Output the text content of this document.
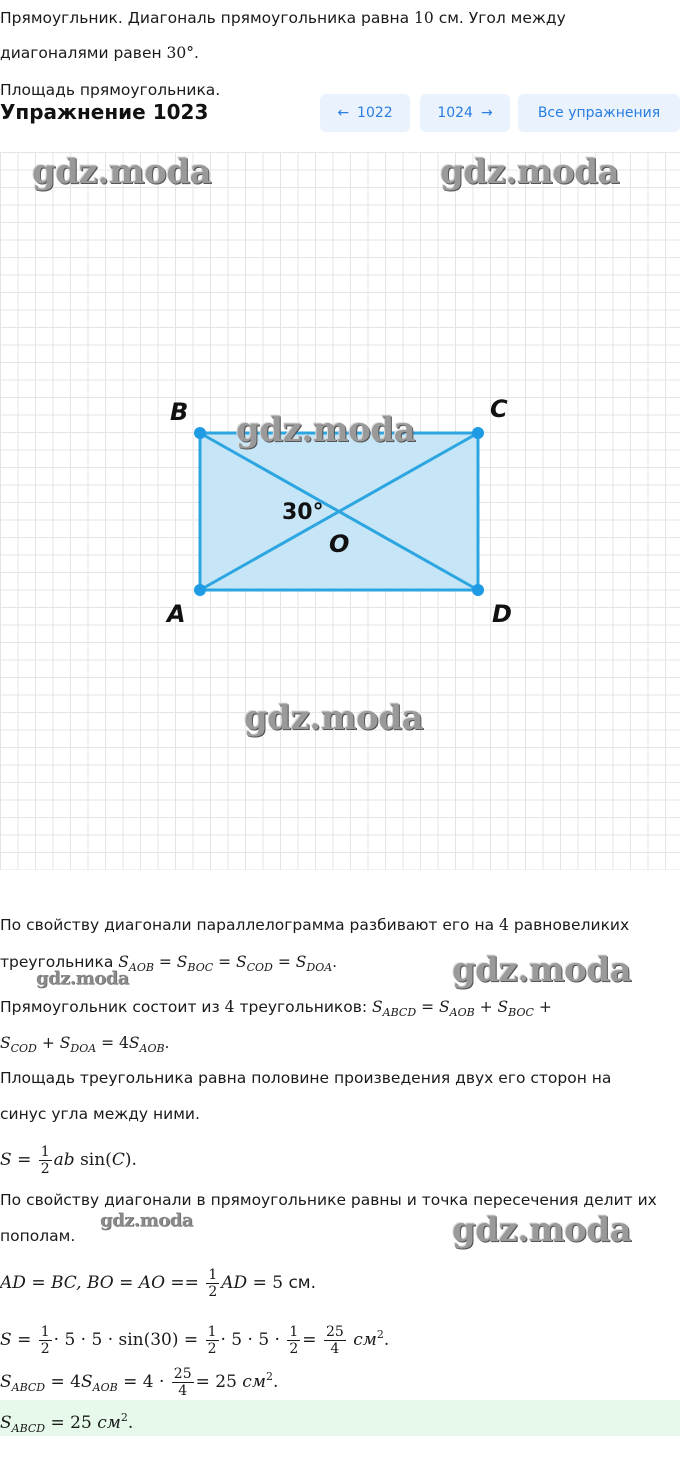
Прямоугльник. Диагональ прямоугольника равна 10 см. Угол между
диагоналями равен 30°.
Площадь прямоугольника.
Упражнение 1023	← 1022	1024 →	Все упражнения
B	C
A	D
O
30°
gdz.moda	gdz.moda
gdz.moda
gdz.moda
По свойству диагонали параллелограмма разбивают его на 4 равновеликих
треугольника $S_{AOB} = S_{BOC} = S_{COD} = S_{DOA}$.
gdz.moda	gdz.moda
Прямоугольник состоит из 4 треугольников: $S_{ABCD} = S_{AOB} + S_{BOC}$ +
$S_{COD} + S_{DOA} = 4S_{AOB}$.
Площадь треугольника равна половине произведения двух его сторон на
синус угла между ними.
$S = \frac{1}{2}$ ab sin(C).
По свойству диагонали в прямоугольнике равны и точка пересечения делит их
пополам.
gdz.moda	gdz.moda
AD = BC, BO = AO == $\frac{1}{2}$ AD = 5 см.
$S = \frac{1}{2} \cdot 5 \cdot 5 \cdot \sin(30) = \frac{1}{2} \cdot 5 \cdot 5 \cdot \frac{1}{2} = \frac{25}{4} см^2$.
$S_{ABCD} = 4S_{AOB} = 4 \cdot \frac{25}{4} = 25$ $см^2$.
$S_{ABCD} = 25$ $см^2$.
